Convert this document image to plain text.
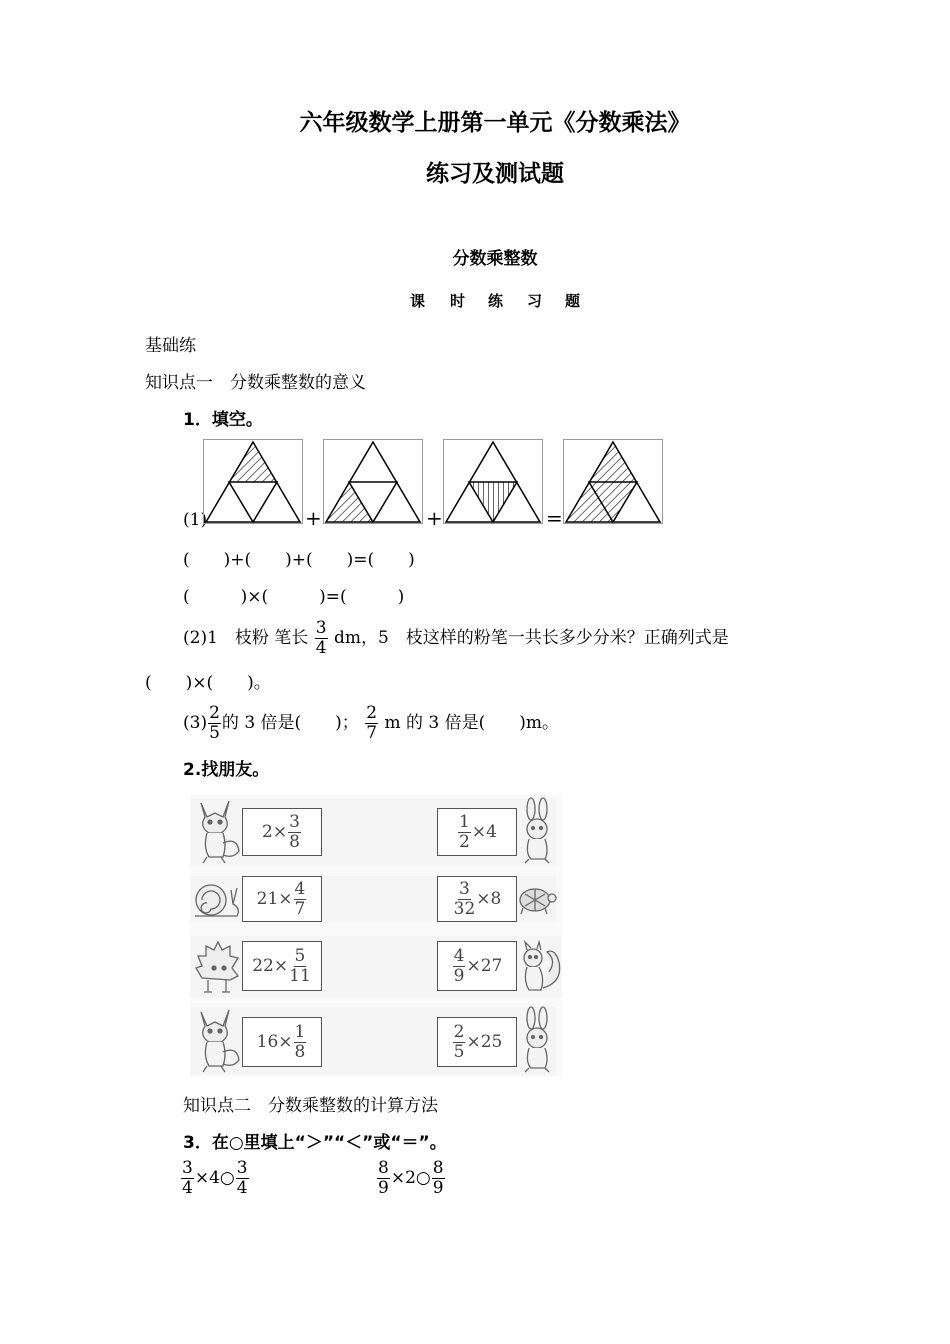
六年级数学上册第一单元《分数乘法》
练习及测试题
分数乘整数
课 时 练 习 题
基础练
知识点一　分数乘整数的意义
1．填空。
(1)	+	+	=
(　　)+(　　)+(　　)=(　　)
(　　　)×(　　　)=(　　　)
(2)1　枝粉 笔长 $\frac{3}{4}$ dm，5　枝这样的粉笔一共长多少分米？正确列式是
(　　)×(　　)。
$(3) \frac{2}{5}$ 的 3 倍是(　　)； $\frac{2}{7}$ m 的 3 倍是(　　)m。
2.找朋友。
$2 \times \frac{3}{8}$
$21 \times \frac{4}{7}$
$22 \times \frac{5}{11}$
$16 \times \frac{1}{8}$
$\frac{1}{2} \times 4$
$\frac{3}{32} \times 8$
$\frac{4}{9} \times 27$
$\frac{2}{5} \times 25$
知识点二　分数乘整数的计算方法
3．在○里填上“＞”“＜”或“＝”。
$\frac{3}{4}$ ×4○ $\frac{3}{4}$	$\frac{8}{9}$ ×2○ $\frac{8}{9}$
